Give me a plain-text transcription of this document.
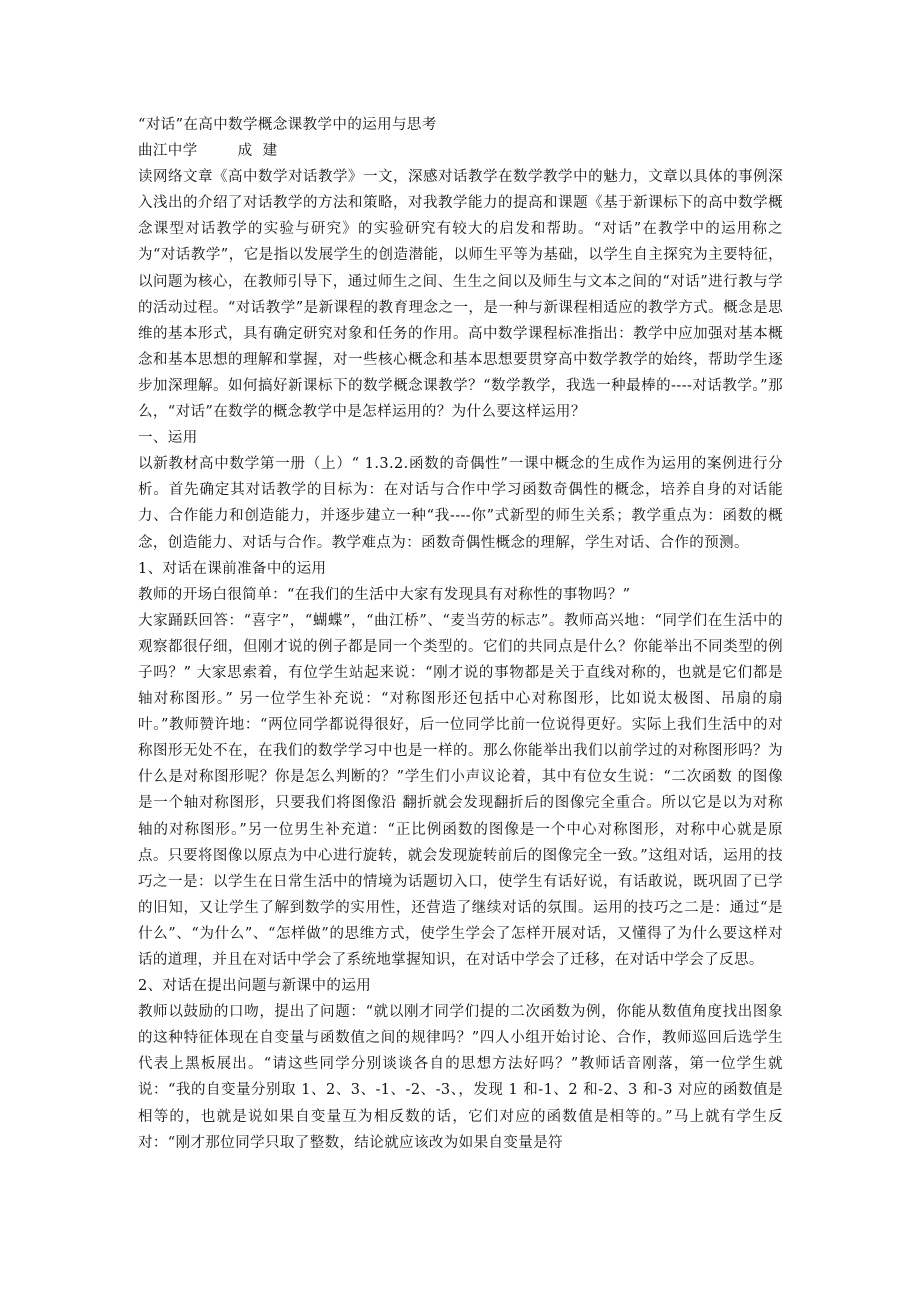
“对话”在高中数学概念课教学中的运用与思考

曲江中学        成  建

读网络文章《高中数学对话教学》一文，深感对话教学在数学教学中的魅力，文章以具体的事例深入浅出的介绍了对话教学的方法和策略，对我教学能力的提高和课题《基于新课标下的高中数学概念课型对话教学的实验与研究》的实验研究有较大的启发和帮助。“对话”在教学中的运用称之为“对话教学”，它是指以发展学生的创造潜能，以师生平等为基础，以学生自主探究为主要特征，以问题为核心，在教师引导下，通过师生之间、生生之间以及师生与文本之间的“对话”进行教与学的活动过程。“对话教学”是新课程的教育理念之一，是一种与新课程相适应的教学方式。概念是思维的基本形式，具有确定研究对象和任务的作用。高中数学课程标准指出：教学中应加强对基本概念和基本思想的理解和掌握，对一些核心概念和基本思想要贯穿高中数学教学的始终，帮助学生逐步加深理解。如何搞好新课标下的数学概念课教学？“数学教学，我选一种最棒的----对话教学。”那么，“对话”在数学的概念教学中是怎样运用的？为什么要这样运用？

一、运用

以新教材高中数学第一册（上）“ 1.3.2.函数的奇偶性”一课中概念的生成作为运用的案例进行分析。首先确定其对话教学的目标为：在对话与合作中学习函数奇偶性的概念，培养自身的对话能力、合作能力和创造能力，并逐步建立一种“我----你”式新型的师生关系；教学重点为：函数的概念，创造能力、对话与合作。教学难点为：函数奇偶性概念的理解，学生对话、合作的预测。

1、对话在课前准备中的运用

教师的开场白很简单：“在我们的生活中大家有发现具有对称性的事物吗？”

大家踊跃回答：“喜字”，“蝴蝶”，“曲江桥”、“麦当劳的标志”。教师高兴地：“同学们在生活中的观察都很仔细，但刚才说的例子都是同一个类型的。它们的共同点是什么？你能举出不同类型的例子吗？” 大家思索着，有位学生站起来说：“刚才说的事物都是关于直线对称的，也就是它们都是轴对称图形。” 另一位学生补充说：“对称图形还包括中心对称图形，比如说太极图、吊扇的扇叶。”教师赞许地：“两位同学都说得很好，后一位同学比前一位说得更好。实际上我们生活中的对称图形无处不在，在我们的数学学习中也是一样的。那么你能举出我们以前学过的对称图形吗？为什么是对称图形呢？你是怎么判断的？”学生们小声议论着，其中有位女生说：“二次函数 的图像是一个轴对称图形，只要我们将图像沿 翻折就会发现翻折后的图像完全重合。所以它是以为对称轴的对称图形。”另一位男生补充道：“正比例函数的图像是一个中心对称图形，对称中心就是原点。只要将图像以原点为中心进行旋转，就会发现旋转前后的图像完全一致。”这组对话，运用的技巧之一是：以学生在日常生活中的情境为话题切入口，使学生有话好说，有话敢说，既巩固了已学的旧知，又让学生了解到数学的实用性，还营造了继续对话的氛围。运用的技巧之二是：通过“是什么”、“为什么”、“怎样做”的思维方式，使学生学会了怎样开展对话，又懂得了为什么要这样对话的道理，并且在对话中学会了系统地掌握知识，在对话中学会了迁移，在对话中学会了反思。

2、对话在提出问题与新课中的运用

教师以鼓励的口吻，提出了问题：“就以刚才同学们提的二次函数为例，你能从数值角度找出图象的这种特征体现在自变量与函数值之间的规律吗？”四人小组开始讨论、合作，教师巡回后选学生代表上黑板展出。“请这些同学分别谈谈各自的思想方法好吗？”教师话音刚落，第一位学生就说：“我的自变量分别取 1、2、3、-1、-2、-3、，发现 1 和-1、2 和-2、3 和-3 对应的函数值是相等的，也就是说如果自变量互为相反数的话，它们对应的函数值是相等的。”马上就有学生反对：“刚才那位同学只取了整数，结论就应该改为如果自变量是符
